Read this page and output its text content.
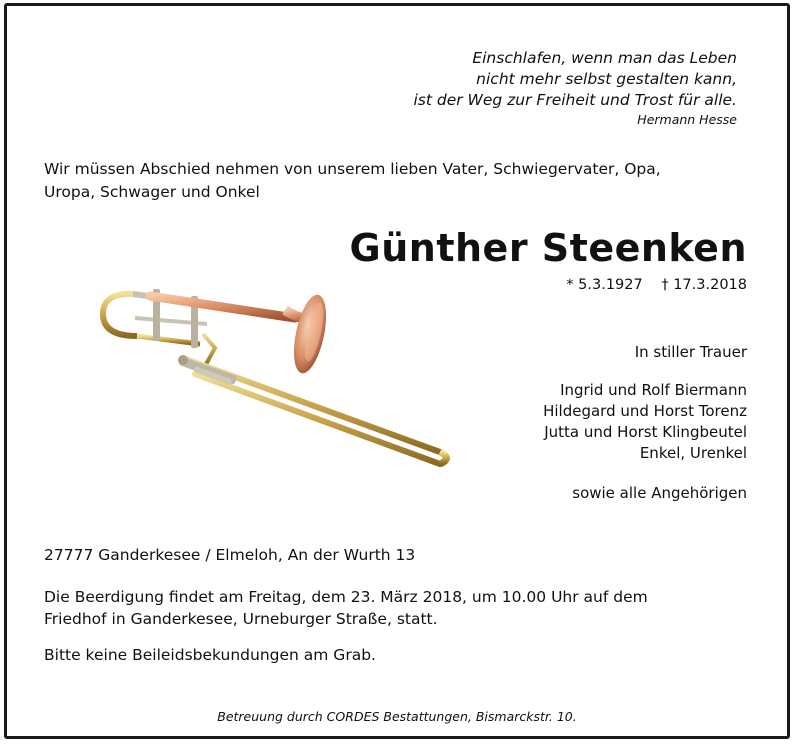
Einschlafen, wenn man das Leben
nicht mehr selbst gestalten kann,
ist der Weg zur Freiheit und Trost für alle.
Hermann Hesse
Wir müssen Abschied nehmen von unserem lieben Vater, Schwiegervater, Opa,
Uropa, Schwager und Onkel
Günther Steenken
* 5.3.1927 † 17.3.2018
In stiller Trauer
Ingrid und Rolf Biermann
Hildegard und Horst Torenz
Jutta und Horst Klingbeutel
Enkel, Urenkel
sowie alle Angehörigen
27777 Ganderkesee / Elmeloh, An der Wurth 13
Die Beerdigung findet am Freitag, dem 23. März 2018, um 10.00 Uhr auf dem
Friedhof in Ganderkesee, Urneburger Straße, statt.
Bitte keine Beileidsbekundungen am Grab.
Betreuung durch CORDES Bestattungen, Bismarckstr. 10.
